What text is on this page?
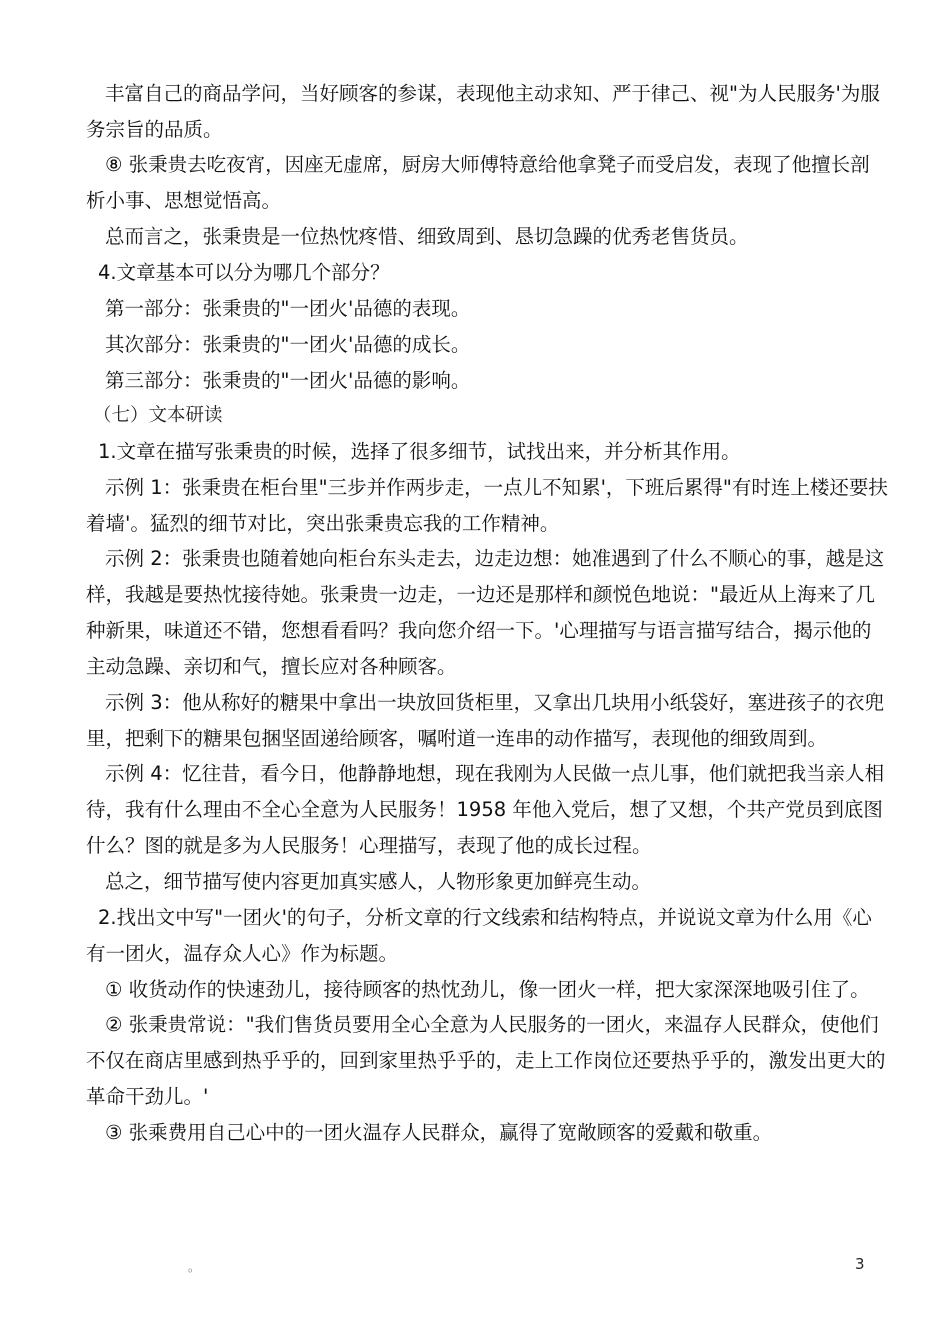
丰富自己的商品学问，当好顾客的参谋，表现他主动求知、严于律己、视"为人民服务'为服

务宗旨的品质。

⑧ 张秉贵去吃夜宵，因座无虚席，厨房大师傅特意给他拿凳子而受启发，表现了他擅长剖

析小事、思想觉悟高。

总而言之，张秉贵是一位热忱疼惜、细致周到、恳切急躁的优秀老售货员。

4.文章基本可以分为哪几个部分？

第一部分：张秉贵的"一团火'品德的表现。

其次部分：张秉贵的"一团火'品德的成长。

第三部分：张秉贵的"一团火'品德的影响。

（七）文本研读

1.文章在描写张秉贵的时候，选择了很多细节，试找出来，并分析其作用。

示例 1：张秉贵在柜台里"三步并作两步走，一点儿不知累'，下班后累得"有时连上楼还要扶

着墙'。猛烈的细节对比，突出张秉贵忘我的工作精神。

示例 2：张秉贵也随着她向柜台东头走去，边走边想：她准遇到了什么不顺心的事，越是这

样，我越是要热忱接待她。张秉贵一边走，一边还是那样和颜悦色地说："最近从上海来了几

种新果，味道还不错，您想看看吗？我向您介绍一下。'心理描写与语言描写结合，揭示他的

主动急躁、亲切和气，擅长应对各种顾客。

示例 3：他从称好的糖果中拿出一块放回货柜里，又拿出几块用小纸袋好，塞进孩子的衣兜

里，把剩下的糖果包捆坚固递给顾客，嘱咐道一连串的动作描写，表现他的细致周到。

示例 4：忆往昔，看今日，他静静地想，现在我刚为人民做一点儿事，他们就把我当亲人相

待，我有什么理由不全心全意为人民服务！1958 年他入党后，想了又想，个共产党员到底图

什么？图的就是多为人民服务！心理描写，表现了他的成长过程。

总之，细节描写使内容更加真实感人，人物形象更加鲜亮生动。

2.找出文中写"一团火'的句子，分析文章的行文线索和结构特点，并说说文章为什么用《心

有一团火，温存众人心》作为标题。

① 收货动作的快速劲儿，接待顾客的热忱劲儿，像一团火一样，把大家深深地吸引住了。

② 张秉贵常说："我们售货员要用全心全意为人民服务的一团火，来温存人民群众，使他们

不仅在商店里感到热乎乎的，回到家里热乎乎的，走上工作岗位还要热乎乎的，激发出更大的

革命干劲儿。'

③ 张乘费用自己心中的一团火温存人民群众，赢得了宽敞顾客的爱戴和敬重。

。	3
